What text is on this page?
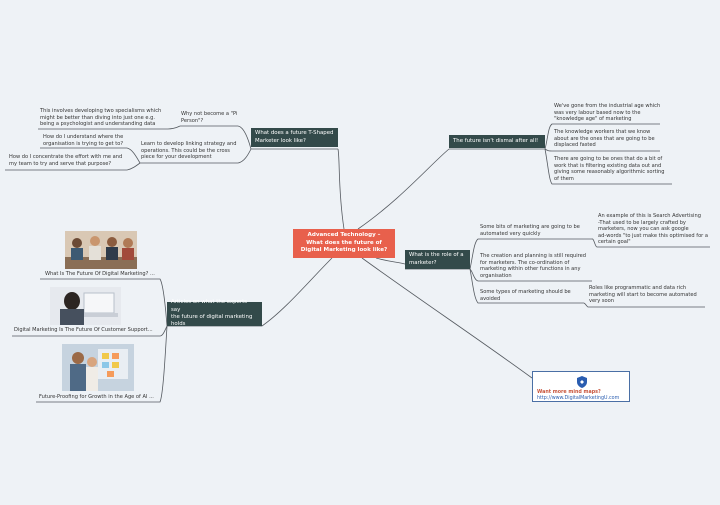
Advanced Technology –
What does the future of
Digital Marketing look like?
What does a future T-Shaped
Marketer look like?	The future isn't dismal after all!
What is the role of a
marketer?
Articles on what the experts say
the future of digital marketing
holds
Why not become a "Pi
Person"?
This involves developing two specialisms which
might be better than diving into just one e.g.
being a psychologist and understanding data
Learn to develop linking strategy and
operations. This could be the cross
piece for your development
How do I understand where the
organisation is trying to get to?
How do I concentrate the effort with me and
my team to try and serve that purpose?
We've gone from the industrial age which
was very labour based now to the
"knowledge age" of marketing
The knowledge workers that we know
about are the ones that are going to be
displaced fasted
There are going to be ones that do a bit of
work that is filtering existing data out and
giving some reasonably algorithmic sorting
of them
Some bits of marketing are going to be
automated very quickly
An example of this is Search Advertising
-That used to be largely crafted by
marketers, now you can ask google
ad-words "to just make this optimised for a
certain goal"
The creation and planning is still required
for marketers. The co-ordination of
marketing within other functions in any
organisation
Some types of marketing should be
avoided
Roles like programmatic and data rich
marketing will start to become automated
very soon
What Is The Future Of Digital Marketing? ...
Digital Marketing Is The Future Of Customer Support...
Future-Proofing for Growth in the Age of AI ...
Want more mind maps?
http://www.DigitalMarketingU.com
